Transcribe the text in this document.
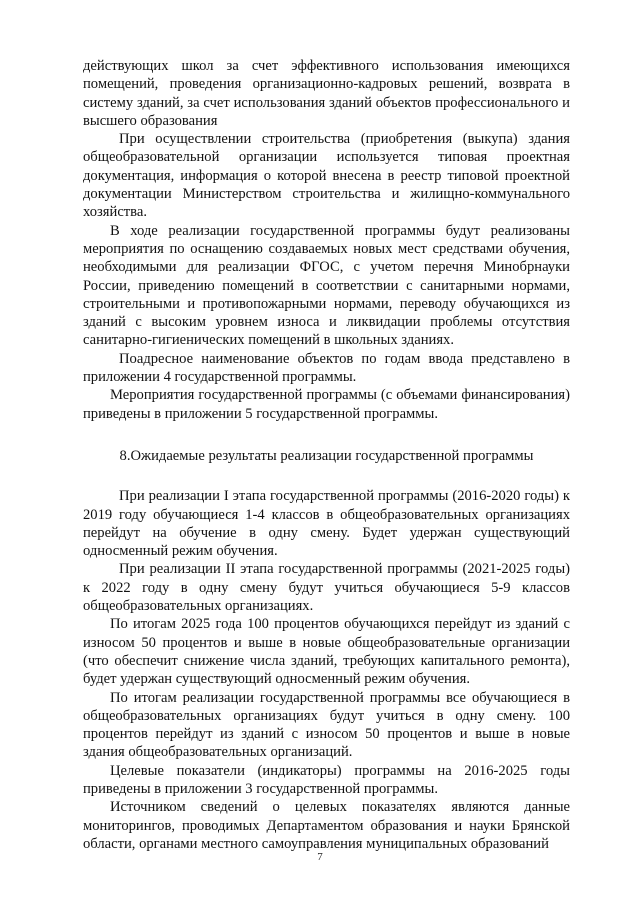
действующих школ за счет эффективного использования имеющихся помещений, проведения организационно-кадровых решений, возврата в систему зданий, за счет использования зданий объектов профессионального и высшего образования

При осуществлении строительства (приобретения (выкупа) здания общеобразовательной организации используется типовая проектная документация, информация о которой внесена в реестр типовой проектной документации Министерством строительства и жилищно-коммунального хозяйства.

В ходе реализации государственной программы будут реализованы мероприятия по оснащению создаваемых новых мест средствами обучения, необходимыми для реализации ФГОС, с учетом перечня Минобрнауки России, приведению помещений в соответствии с санитарными нормами, строительными и противопожарными нормами, переводу обучающихся из зданий с высоким уровнем износа и ликвидации проблемы отсутствия санитарно-гигиенических помещений в школьных зданиях.

Поадресное наименование объектов по годам ввода представлено в приложении 4 государственной программы.

Мероприятия государственной программы (с объемами финансирования) приведены в приложении 5 государственной программы.

8.Ожидаемые результаты реализации государственной программы

При реализации I этапа государственной программы (2016-2020 годы) к 2019 году обучающиеся 1-4 классов в общеобразовательных организациях перейдут на обучение в одну смену. Будет удержан существующий односменный режим обучения.

При реализации II этапа государственной программы (2021-2025 годы) к 2022 году в одну смену будут учиться обучающиеся 5-9 классов общеобразовательных организациях.

По итогам 2025 года 100 процентов обучающихся перейдут из зданий с износом 50 процентов и выше в новые общеобразовательные организации (что обеспечит снижение числа зданий, требующих капитального ремонта), будет удержан существующий односменный режим обучения.

По итогам реализации государственной программы все обучающиеся в общеобразовательных организациях будут учиться в одну смену. 100 процентов перейдут из зданий с износом 50 процентов и выше в новые здания общеобразовательных организаций.

Целевые показатели (индикаторы) программы на 2016-2025 годы приведены в приложении 3 государственной программы.

Источником сведений о целевых показателях являются данные мониторингов, проводимых Департаментом образования и науки Брянской области, органами местного самоуправления муниципальных образований

7
